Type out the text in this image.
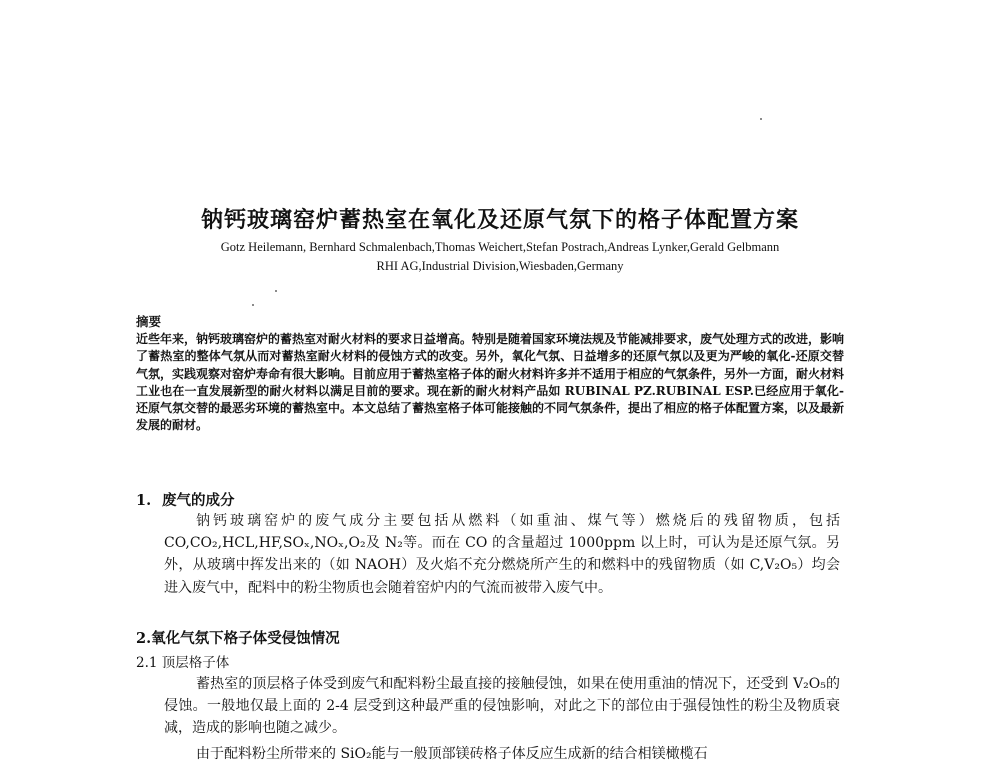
钠钙玻璃窑炉蓄热室在氧化及还原气氛下的格子体配置方案
Gotz Heilemann, Bernhard Schmalenbach,Thomas Weichert,Stefan Postrach,Andreas Lynker,Gerald Gelbmann
RHI AG,Industrial Division,Wiesbaden,Germany
摘要
近些年来，钠钙玻璃窑炉的蓄热室对耐火材料的要求日益增高。特别是随着国家环境法规及节能减排要求，废气处理方式的改进，影响了蓄热室的整体气氛从而对蓄热室耐火材料的侵蚀方式的改变。另外，氧化气氛、日益增多的还原气氛以及更为严峻的氧化-还原交替气氛，实践观察对窑炉寿命有很大影响。目前应用于蓄热室格子体的耐火材料许多并不适用于相应的气氛条件，另外一方面，耐火材料工业也在一直发展新型的耐火材料以满足目前的要求。现在新的耐火材料产品如 RUBINAL PZ.RUBINAL ESP.已经应用于氧化-还原气氛交替的最恶劣环境的蓄热室中。本文总结了蓄热室格子体可能接触的不同气氛条件，提出了相应的格子体配置方案，以及最新发展的耐材。
1. 废气的成分
钠钙玻璃窑炉的废气成分主要包括从燃料（如重油、煤气等）燃烧后的残留物质，包括 CO,CO₂,HCL,HF,SOₓ,NOₓ,O₂及 N₂等。而在 CO 的含量超过 1000ppm 以上时，可认为是还原气氛。另外，从玻璃中挥发出来的（如 NAOH）及火焰不充分燃烧所产生的和燃料中的残留物质（如 C,V₂O₅）均会进入废气中，配料中的粉尘物质也会随着窑炉内的气流而被带入废气中。
2.氧化气氛下格子体受侵蚀情况
2.1 顶层格子体
蓄热室的顶层格子体受到废气和配料粉尘最直接的接触侵蚀，如果在使用重油的情况下，还受到 V₂O₅的侵蚀。一般地仅最上面的 2-4 层受到这种最严重的侵蚀影响，对此之下的部位由于强侵蚀性的粉尘及物质衰减，造成的影响也随之减少。
由于配料粉尘所带来的 SiO₂能与一般顶部镁砖格子体反应生成新的结合相镁橄榄石
